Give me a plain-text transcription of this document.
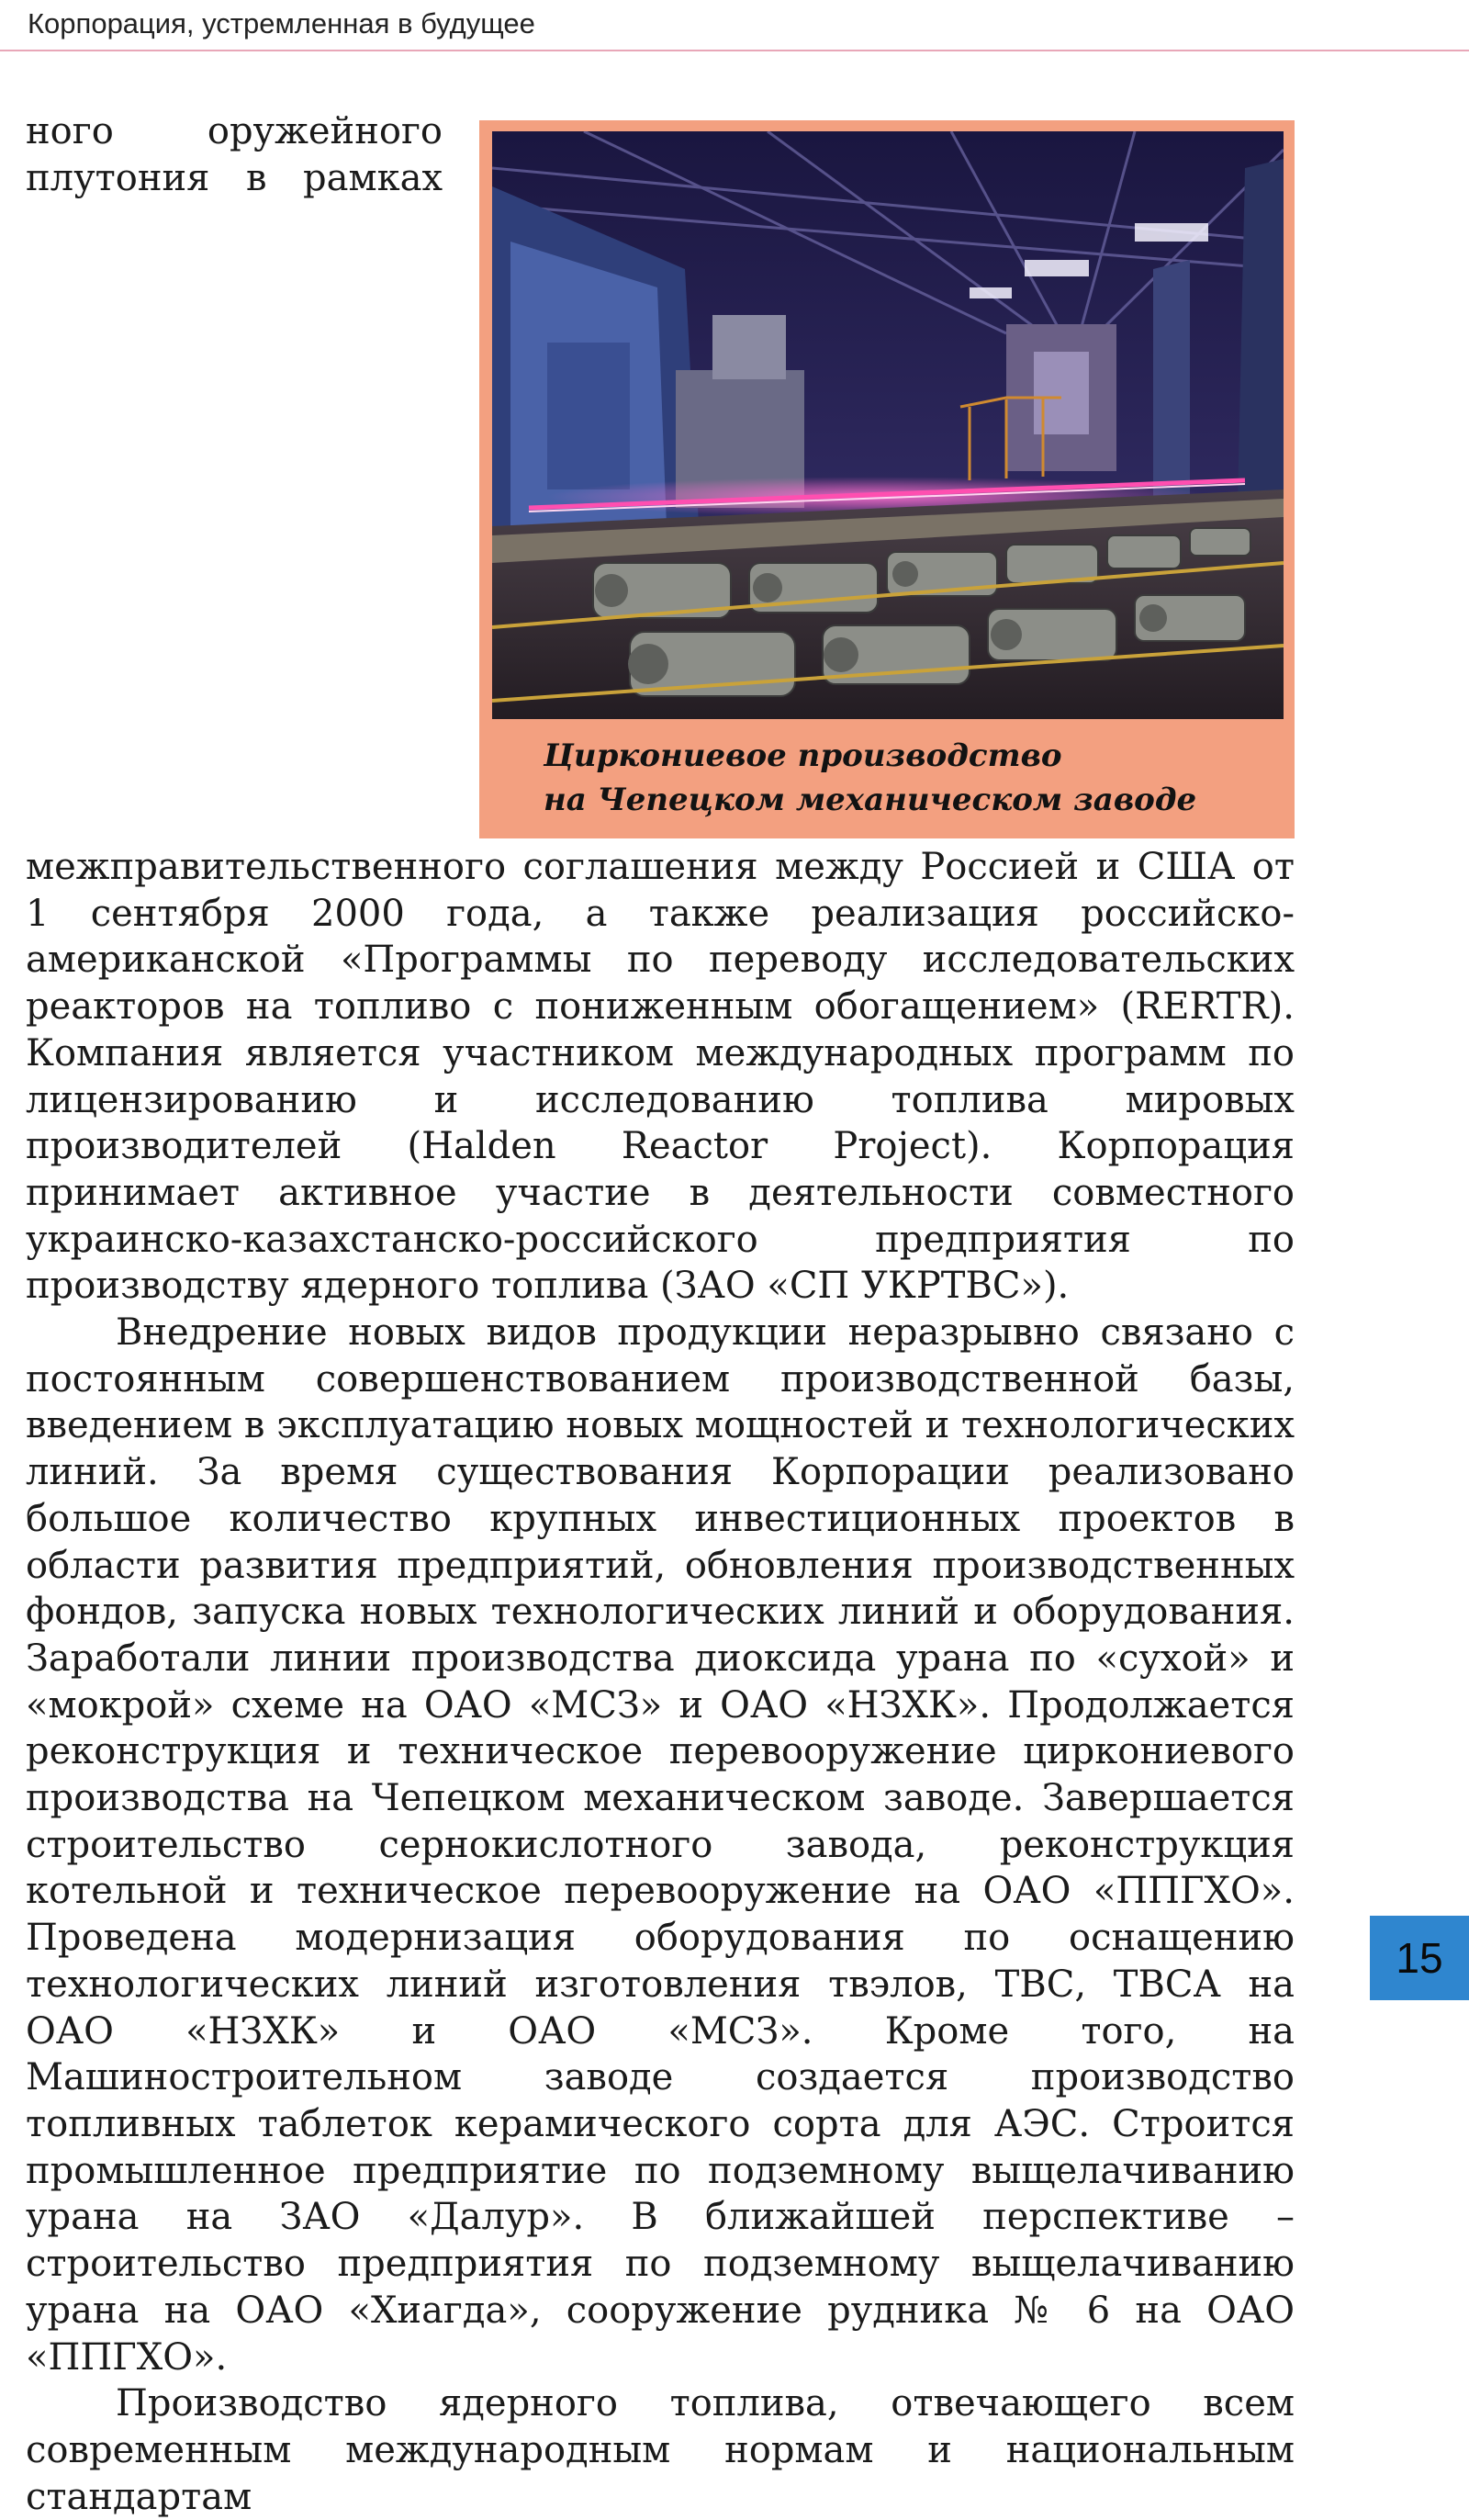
Корпорация, устремленная в будущее
Циркониевое производство
на Чепецком механическом заводе

ного оружейного плутония в рамках межправительственного соглашения между Россией и США от 1 сентября 2000 года, а также реализация российско-американской «Программы по переводу исследовательских реакторов на топливо с пониженным обогащением» (RERTR). Компания является участником международных программ по лицензированию и исследованию топлива мировых производителей (Halden Reactor Project). Корпорация принимает активное участие в деятельности совместного украинско-казахстанско-российского предприятия по производству ядерного топлива (ЗАО «СП УКРТВС»).

Внедрение новых видов продукции неразрывно связано с постоянным совершенствованием производственной базы, введением в эксплуатацию новых мощностей и технологических линий. За время существования Корпорации реализовано большое количество крупных инвестиционных проектов в области развития предприятий, обновления производственных фондов, запуска новых технологических линий и оборудования. Заработали линии производства диоксида урана по «сухой» и «мокрой» схеме на ОАО «МСЗ» и ОАО «НЗХК». Продолжается реконструкция и техническое перевооружение циркониевого производства на Чепецком механическом заводе. Завершается строительство сернокислотного завода, реконструкция котельной и техническое перевооружение на ОАО «ППГХО». Проведена модернизация оборудования по оснащению технологических линий изготовления твэлов, ТВС, ТВСА на ОАО «НЗХК» и ОАО «МСЗ». Кроме того, на Машиностроительном заводе создается производство топливных таблеток керамического сорта для АЭС. Строится промышленное предприятие по подземному выщелачиванию урана на ЗАО «Далур». В ближайшей перспективе – строительство предприятия по подземному выщелачиванию урана на ОАО «Хиагда», сооружение рудника № 6 на ОАО «ППГХО».

Производство ядерного топлива, отвечающего всем современным международным нормам и национальным стандартам

15
